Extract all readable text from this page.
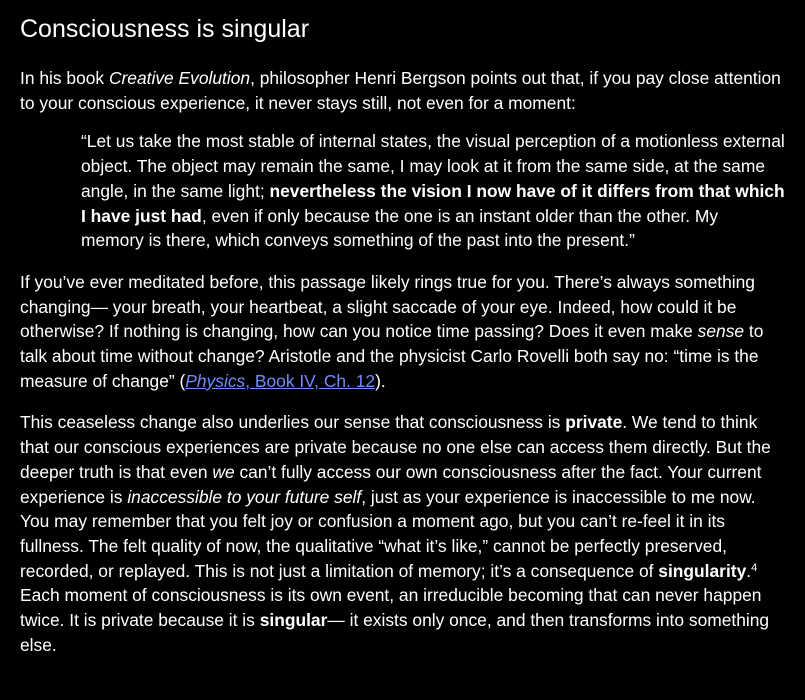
Consciousness is singular

In his book Creative Evolution, philosopher Henri Bergson points out that, if you pay close attention to your conscious experience, it never stays still, not even for a moment:

“Let us take the most stable of internal states, the visual perception of a motionless external object. The object may remain the same, I may look at it from the same side, at the same angle, in the same light; nevertheless the vision I now have of it differs from that which I have just had, even if only because the one is an instant older than the other. My memory is there, which conveys something of the past into the present.”

If you’ve ever meditated before, this passage likely rings true for you. There’s always something changing— your breath, your heartbeat, a slight saccade of your eye. Indeed, how could it be otherwise? If nothing is changing, how can you notice time passing? Does it even make sense to talk about time without change? Aristotle and the physicist Carlo Rovelli both say no: “time is the measure of change” (Physics, Book IV, Ch. 12).

This ceaseless change also underlies our sense that consciousness is private. We tend to think that our conscious experiences are private because no one else can access them directly. But the deeper truth is that even we can’t fully access our own consciousness after the fact. Your current experience is inaccessible to your future self, just as your experience is inaccessible to me now. You may remember that you felt joy or confusion a moment ago, but you can’t re-feel it in its fullness. The felt quality of now, the qualitative “what it’s like,” cannot be perfectly preserved, recorded, or replayed. This is not just a limitation of memory; it’s a consequence of singularity.$^4$ Each moment of consciousness is its own event, an irreducible becoming that can never happen twice. It is private because it is singular— it exists only once, and then transforms into something else.
